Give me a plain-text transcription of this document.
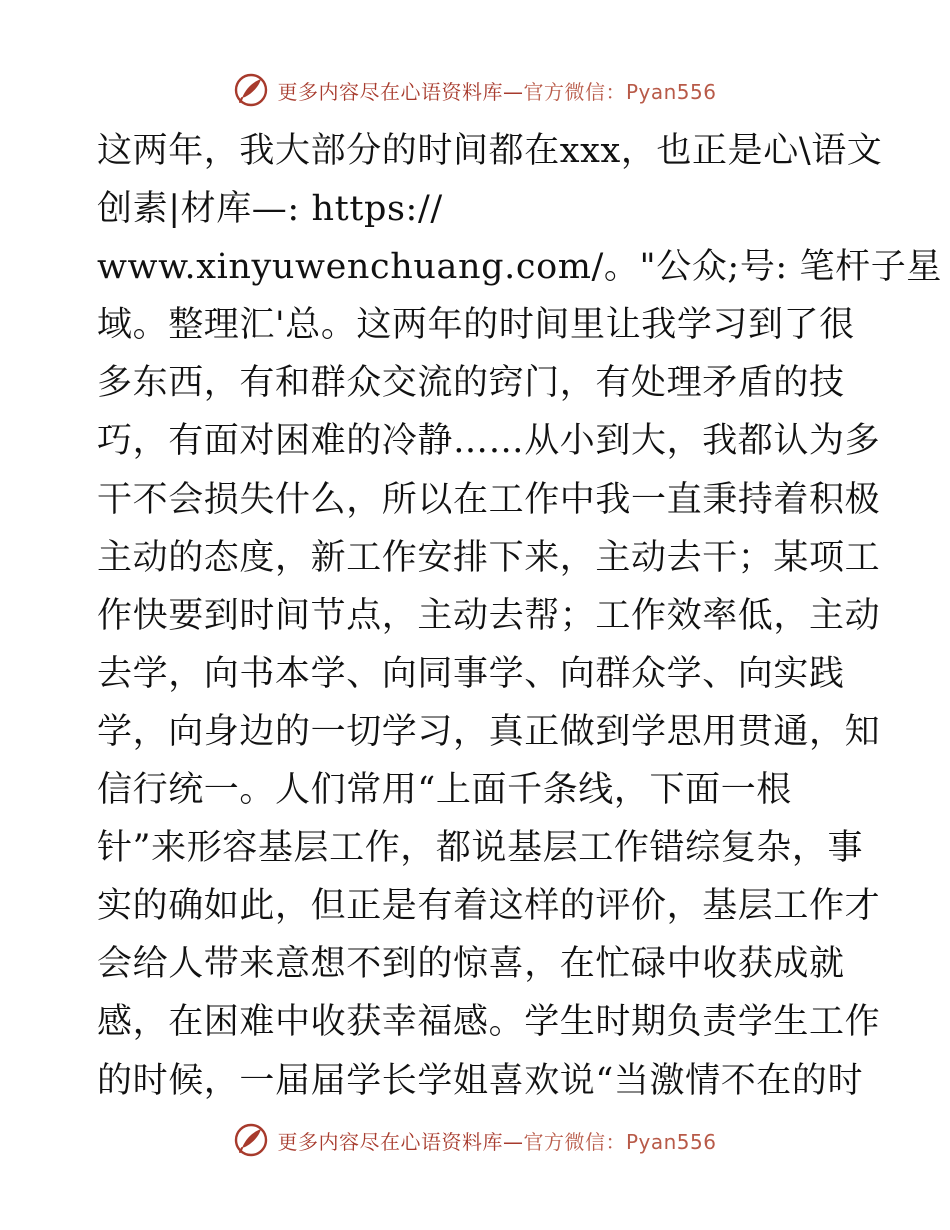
更多内容尽在心语资料库—官方微信：Pyan556
这两年，我大部分的时间都在xxx，也正是心\语文
创素|材库—: https://
www.xinyuwenchuang.com/。"公众;号: 笔杆子星
域。整理汇'总。这两年的时间里让我学习到了很
多东西，有和群众交流的窍门，有处理矛盾的技
巧，有面对困难的冷静……从小到大，我都认为多
干不会损失什么，所以在工作中我一直秉持着积极
主动的态度，新工作安排下来，主动去干；某项工
作快要到时间节点，主动去帮；工作效率低，主动
去学，向书本学、向同事学、向群众学、向实践
学，向身边的一切学习，真正做到学思用贯通，知
信行统一。人们常用“上面千条线，下面一根
针”来形容基层工作，都说基层工作错综复杂，事
实的确如此，但正是有着这样的评价，基层工作才
会给人带来意想不到的惊喜，在忙碌中收获成就
感，在困难中收获幸福感。学生时期负责学生工作
的时候，一届届学长学姐喜欢说“当激情不在的时
更多内容尽在心语资料库—官方微信：Pyan556
